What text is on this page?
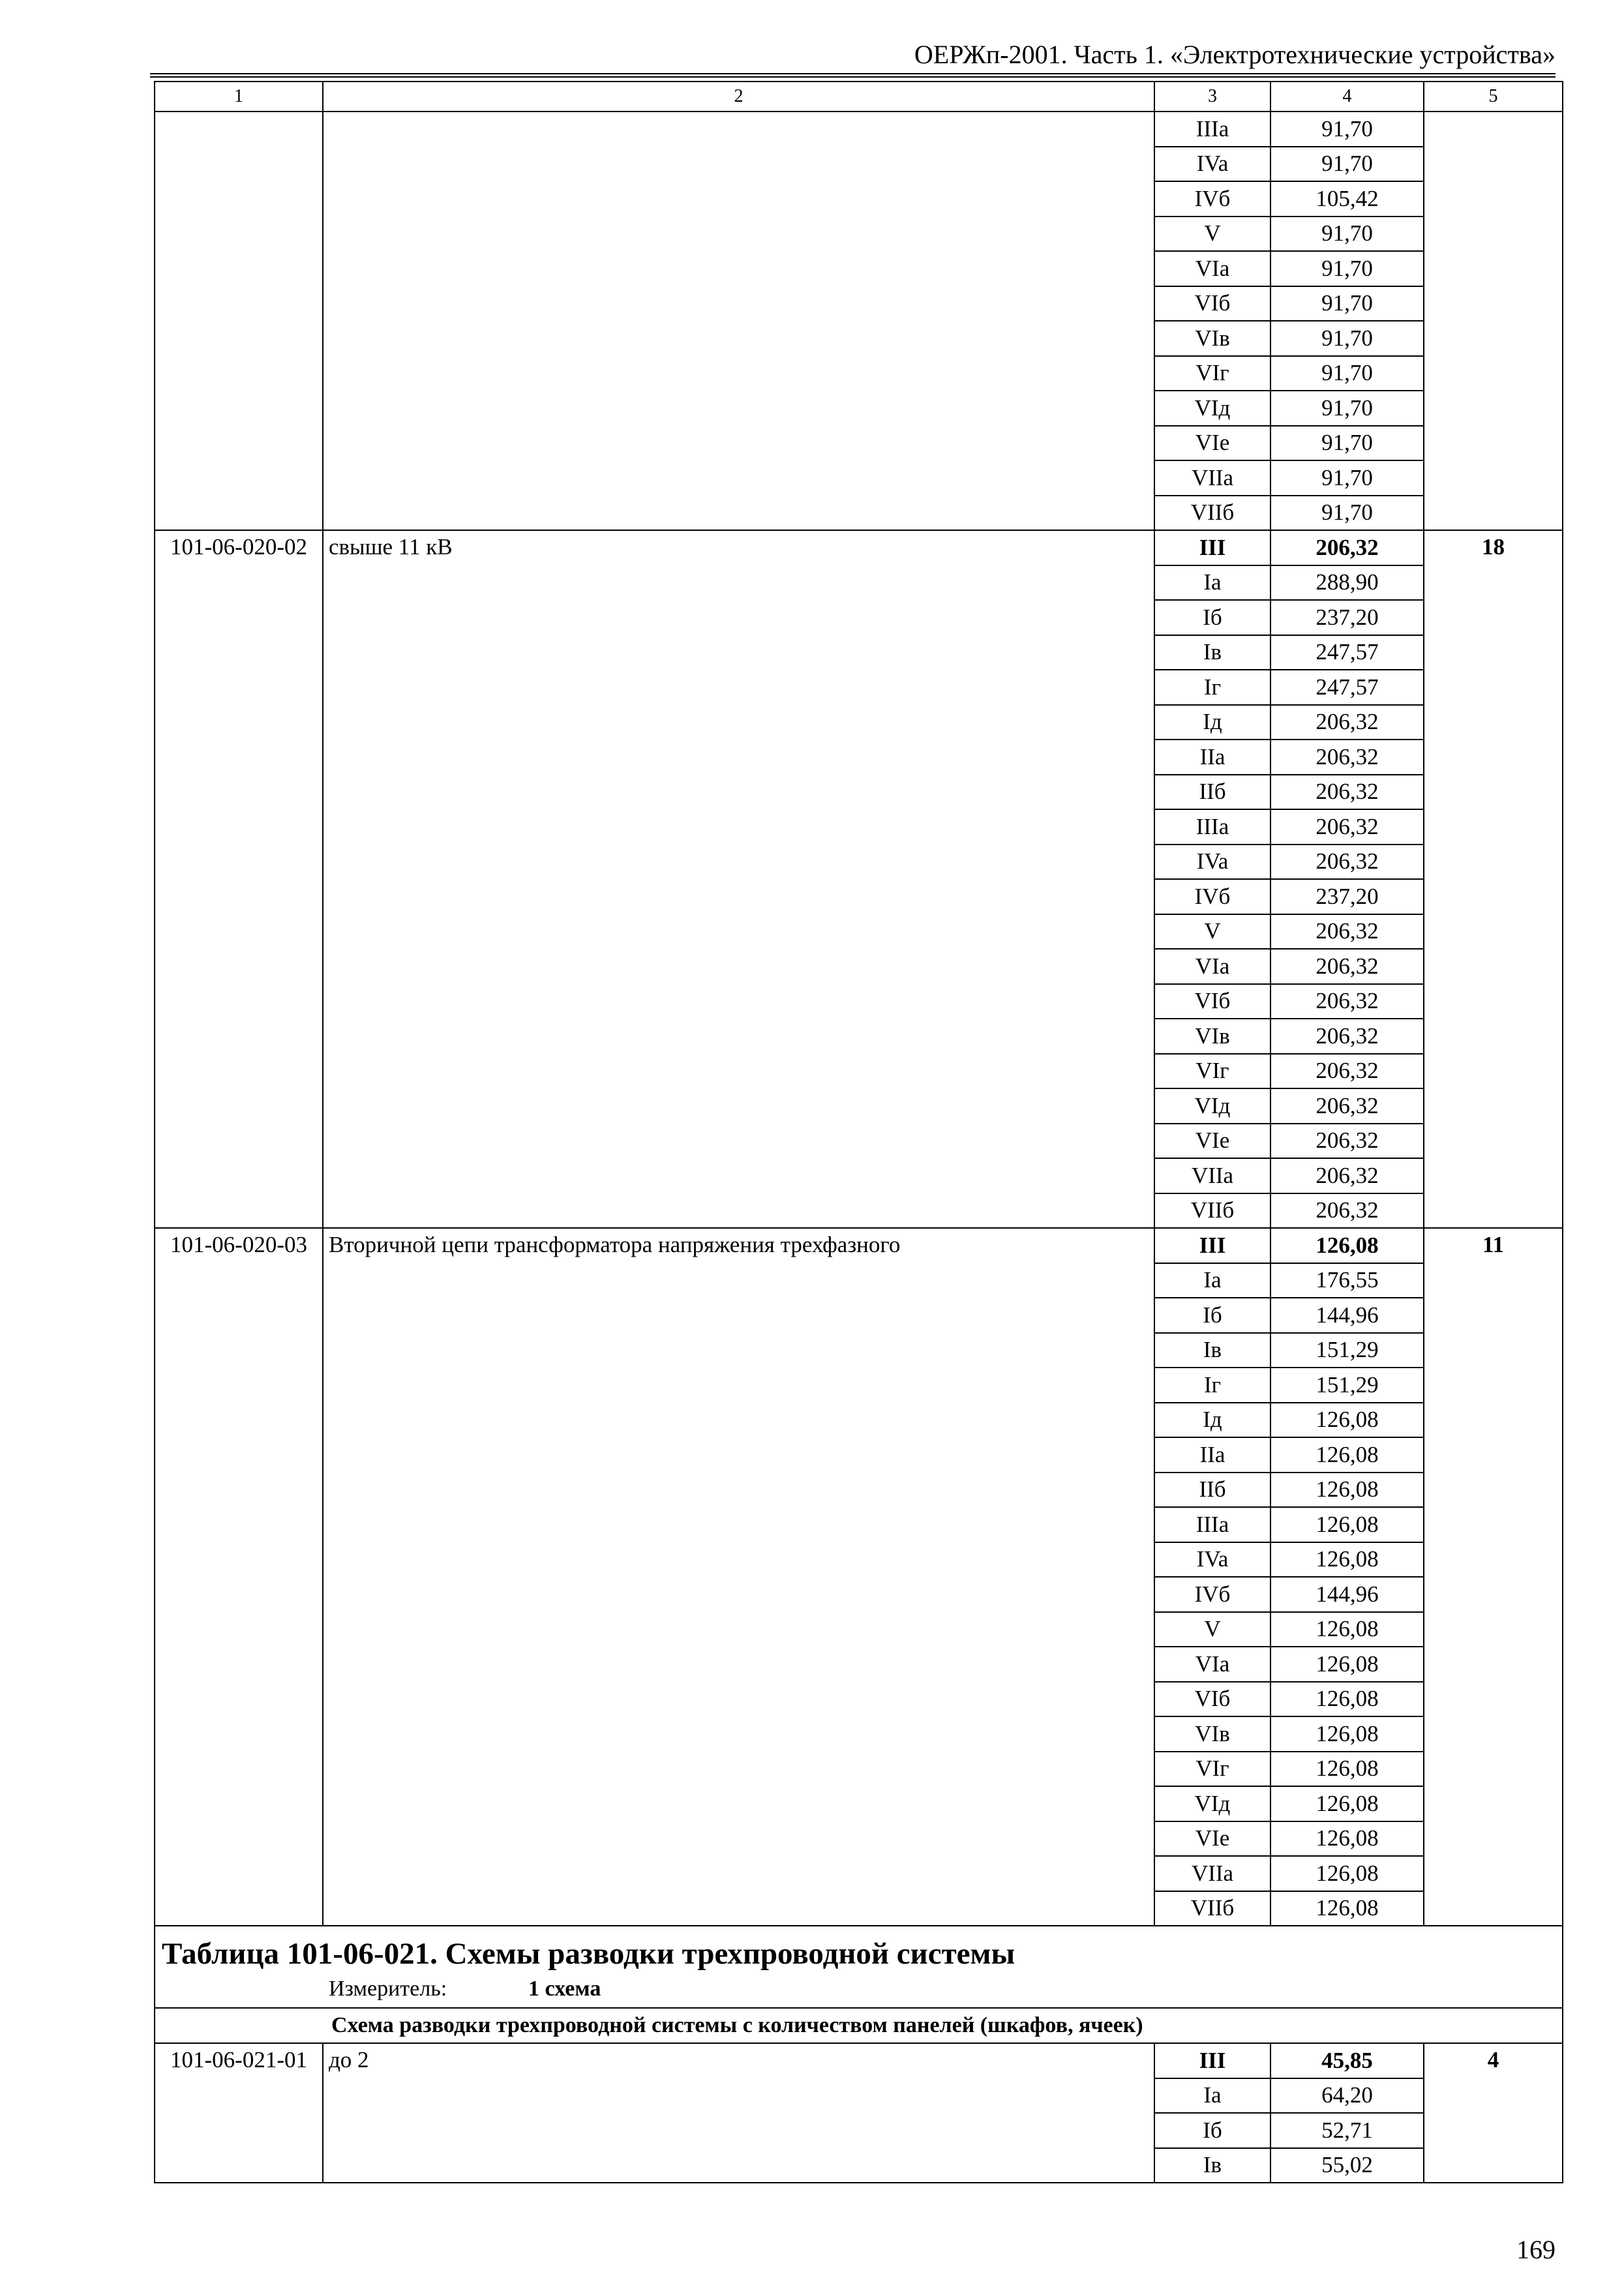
ОЕРЖп-2001. Часть 1. «Электротехнические устройства»
1	2	3	4	5
		IIIa	91,70	
		IVa	91,70	
		IVб	105,42	
		V	91,70	
		VIa	91,70	
		VIб	91,70	
		VIв	91,70	
		VIг	91,70	
		VIд	91,70	
		VIе	91,70	
		VIIa	91,70	
		VIIб	91,70	
101-06-020-02	свыше 11 кВ	III	206,32	18
		Ia	288,90	
		Iб	237,20	
		Iв	247,57	
		Iг	247,57	
		Iд	206,32	
		IIa	206,32	
		IIб	206,32	
		IIIa	206,32	
		IVa	206,32	
		IVб	237,20	
		V	206,32	
		VIa	206,32	
		VIб	206,32	
		VIв	206,32	
		VIг	206,32	
		VIд	206,32	
		VIе	206,32	
		VIIa	206,32	
		VIIб	206,32	
101-06-020-03	Вторичной цепи трансформатора напряжения трехфазного	III	126,08	11
		Ia	176,55	
		Iб	144,96	
		Iв	151,29	
		Iг	151,29	
		Iд	126,08	
		IIa	126,08	
		IIб	126,08	
		IIIa	126,08	
		IVa	126,08	
		IVб	144,96	
		V	126,08	
		VIa	126,08	
		VIб	126,08	
		VIв	126,08	
		VIг	126,08	
		VIд	126,08	
		VIе	126,08	
		VIIa	126,08	
		VIIб	126,08	

Таблица 101-06-021. Схемы разводки трехпроводной системы
Измеритель: 1 схема				

Схема разводки трехпроводной системы с количеством панелей (шкафов, ячеек)				

101-06-021-01	до 2	III	45,85	4
		Ia	64,20	
		Iб	52,71	
		Iв	55,02	
169
